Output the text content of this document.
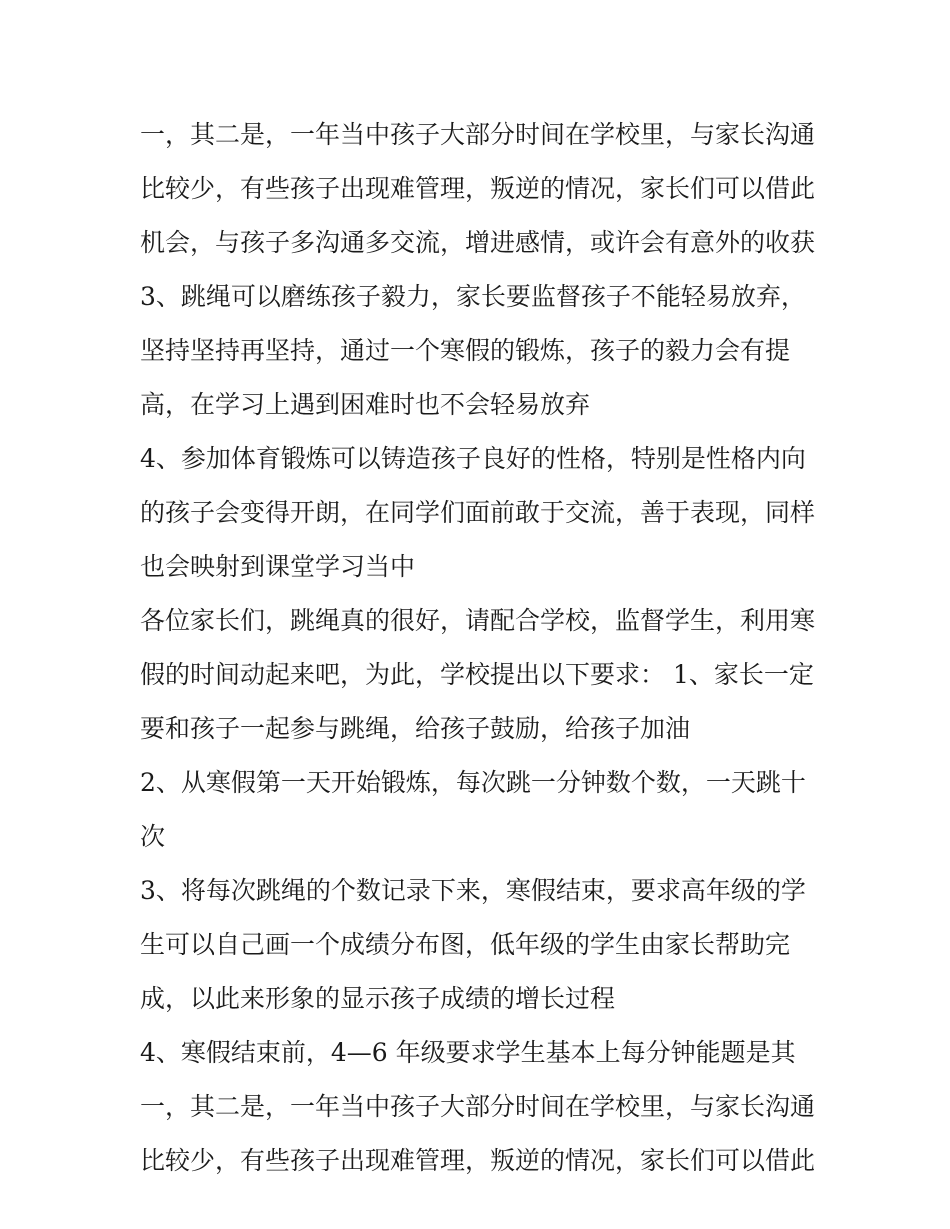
一，其二是，一年当中孩子大部分时间在学校里，与家长沟通
比较少，有些孩子出现难管理，叛逆的情况，家长们可以借此
机会，与孩子多沟通多交流，增进感情，或许会有意外的收获
3、跳绳可以磨练孩子毅力，家长要监督孩子不能轻易放弃，
坚持坚持再坚持，通过一个寒假的锻炼，孩子的毅力会有提
高，在学习上遇到困难时也不会轻易放弃
4、参加体育锻炼可以铸造孩子良好的性格，特别是性格内向
的孩子会变得开朗，在同学们面前敢于交流，善于表现，同样
也会映射到课堂学习当中
各位家长们，跳绳真的很好，请配合学校，监督学生，利用寒
假的时间动起来吧，为此，学校提出以下要求： 1、家长一定
要和孩子一起参与跳绳，给孩子鼓励，给孩子加油
2、从寒假第一天开始锻炼，每次跳一分钟数个数，一天跳十
次
3、将每次跳绳的个数记录下来，寒假结束，要求高年级的学
生可以自己画一个成绩分布图，低年级的学生由家长帮助完
成，以此来形象的显示孩子成绩的增长过程
4、寒假结束前，4—6 年级要求学生基本上每分钟能题是其
一，其二是，一年当中孩子大部分时间在学校里，与家长沟通
比较少，有些孩子出现难管理，叛逆的情况，家长们可以借此
